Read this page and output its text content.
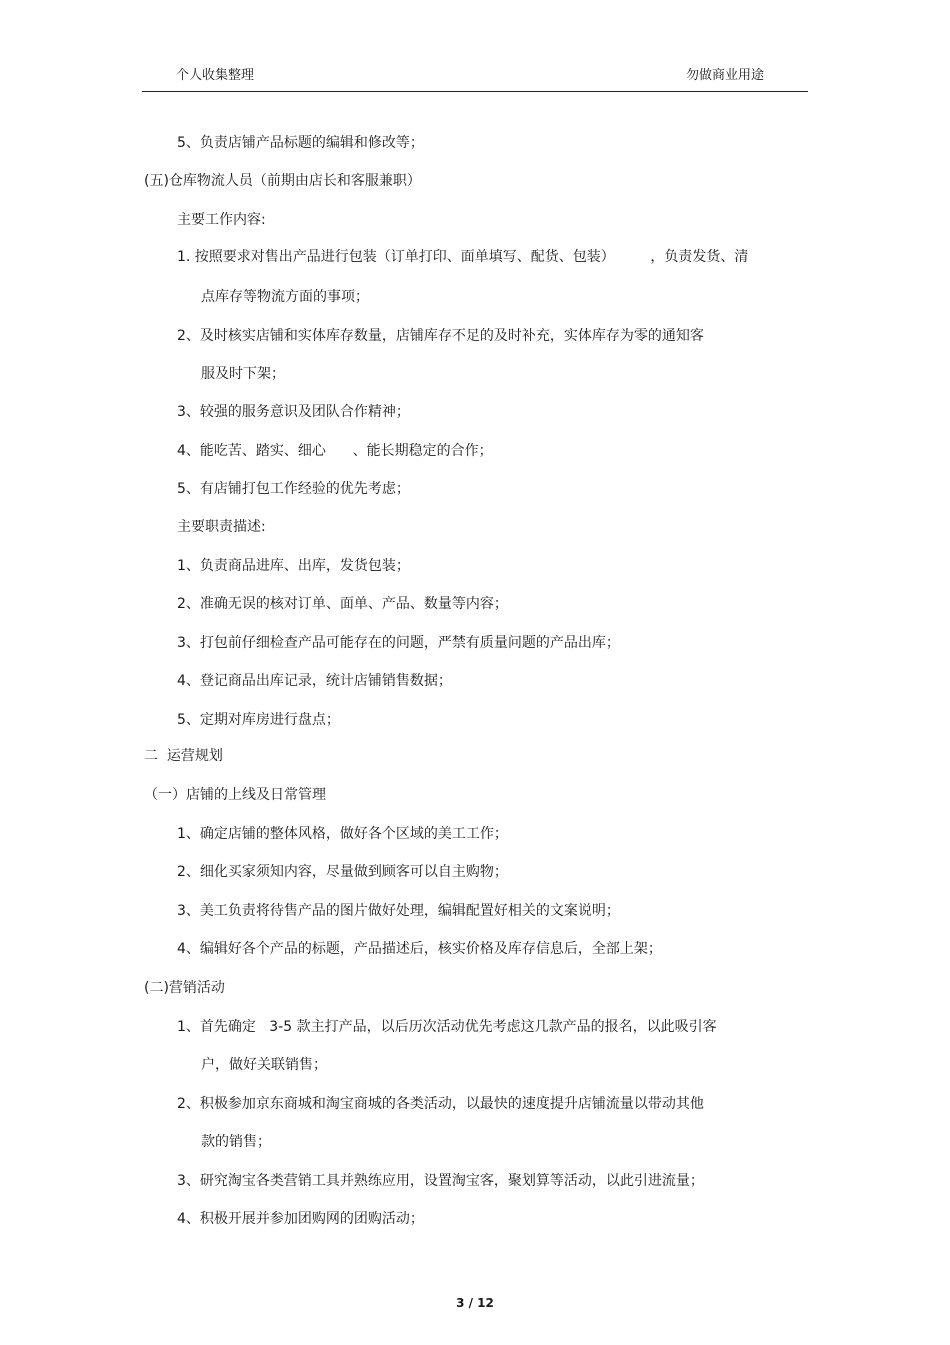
个人收集整理	勿做商业用途
5、负责店铺产品标题的编辑和修改等；
(五)仓库物流人员（前期由店长和客服兼职）
主要工作内容:
1. 按照要求对售出产品进行包装（订单打印、面单填写、配货、包装）        ，负责发货、清
点库存等物流方面的事项；
2、及时核实店铺和实体库存数量，店铺库存不足的及时补充，实体库存为零的通知客
服及时下架；
3、较强的服务意识及团队合作精神；
4、能吃苦、踏实、细心      、能长期稳定的合作；
5、有店铺打包工作经验的优先考虑；
主要职责描述:
1、负责商品进库、出库，发货包装；
2、准确无误的核对订单、面单、产品、数量等内容；
3、打包前仔细检查产品可能存在的问题，严禁有质量问题的产品出库；
4、登记商品出库记录，统计店铺销售数据；
5、定期对库房进行盘点；
二  运营规划
（一）店铺的上线及日常管理
1、确定店铺的整体风格，做好各个区域的美工工作；
2、细化买家须知内容，尽量做到顾客可以自主购物；
3、美工负责将待售产品的图片做好处理，编辑配置好相关的文案说明；
4、编辑好各个产品的标题，产品描述后，核实价格及库存信息后，全部上架；
(二)营销活动
1、首先确定   3-5 款主打产品，以后历次活动优先考虑这几款产品的报名，以此吸引客
户，做好关联销售；
2、积极参加京东商城和淘宝商城的各类活动，以最快的速度提升店铺流量以带动其他
款的销售；
3、研究淘宝各类营销工具并熟练应用，设置淘宝客，聚划算等活动，以此引进流量；
4、积极开展并参加团购网的团购活动；
3 / 12
